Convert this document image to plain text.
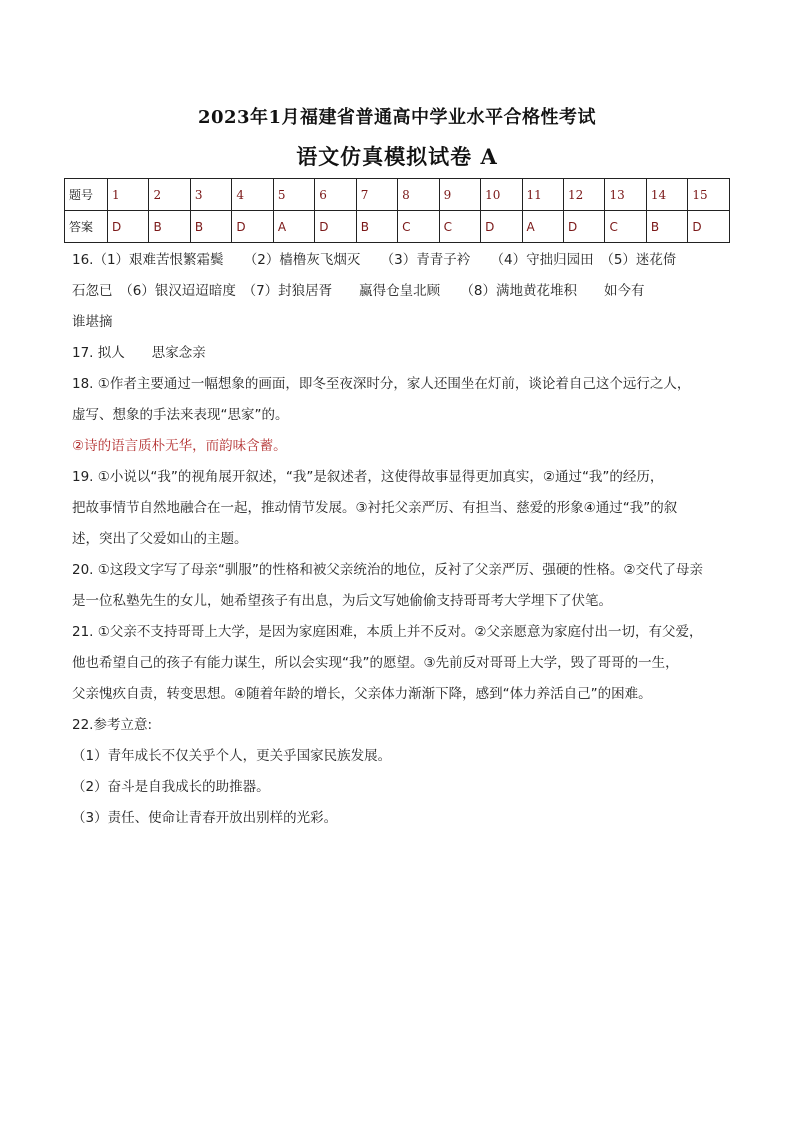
2023年1月福建省普通高中学业水平合格性考试
语文仿真模拟试卷 A
题号	1	2	3	4	5	6	7	8	9	10	11	12	13	14	15
答案	D	B	B	D	A	D	B	C	C	D	A	D	C	B	D

16.（1）艰难苦恨繁霜鬓　　（2）樯橹灰飞烟灭　　（3）青青子衿　　（4）守拙归园田　（5）迷花倚

石忽已　（6）银汉迢迢暗度　（7）封狼居胥　　赢得仓皇北顾　　（8）满地黄花堆积　　如今有

谁堪摘

17. 拟人　　思家念亲

18. ①作者主要通过一幅想象的画面，即冬至夜深时分，家人还围坐在灯前，谈论着自己这个远行之人，

虚写、想象的手法来表现“思家”的。

②诗的语言质朴无华，而韵味含蓄。

19. ①小说以“我”的视角展开叙述，“我”是叙述者，这使得故事显得更加真实，②通过“我”的经历，

把故事情节自然地融合在一起，推动情节发展。③衬托父亲严厉、有担当、慈爱的形象④通过“我”的叙

述，突出了父爱如山的主题。

20. ①这段文字写了母亲“驯服”的性格和被父亲统治的地位，反衬了父亲严厉、强硬的性格。②交代了母亲

是一位私塾先生的女儿，她希望孩子有出息，为后文写她偷偷支持哥哥考大学埋下了伏笔。

21. ①父亲不支持哥哥上大学，是因为家庭困难，本质上并不反对。②父亲愿意为家庭付出一切，有父爱，

他也希望自己的孩子有能力谋生，所以会实现“我”的愿望。③先前反对哥哥上大学，毁了哥哥的一生，

父亲愧疚自责，转变思想。④随着年龄的增长，父亲体力渐渐下降，感到“体力养活自己”的困难。

22.参考立意:

（1）青年成长不仅关乎个人，更关乎国家民族发展。

（2）奋斗是自我成长的助推器。

（3）责任、使命让青春开放出别样的光彩。
